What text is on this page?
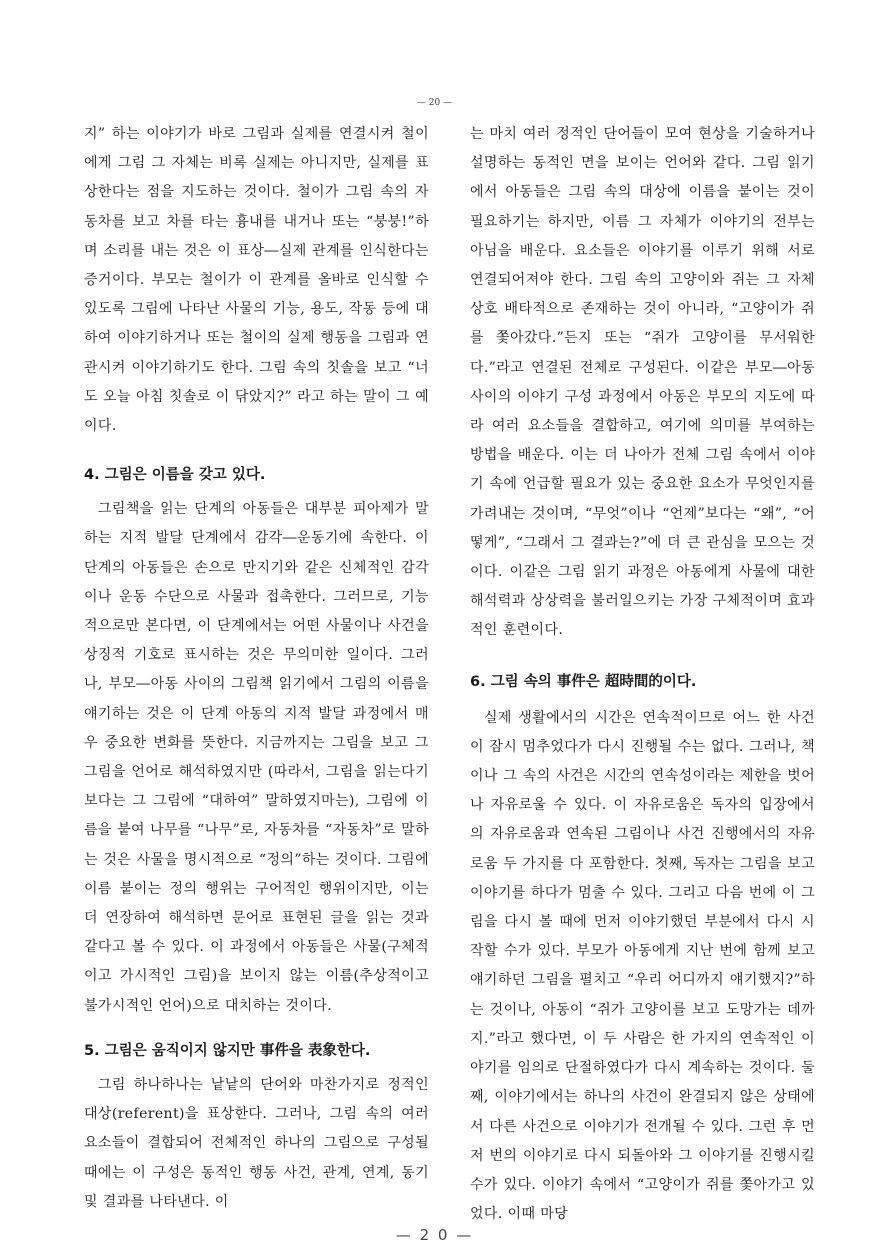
— 20 —

지” 하는 이야기가 바로 그림과 실제를 연결시켜 철이에게 그림 그 자체는 비록 실제는 아니지만, 실제를 표상한다는 점을 지도하는 것이다. 철이가 그림 속의 자동차를 보고 차를 타는 흉내를 내거나 또는 “붕붕!”하며 소리를 내는 것은 이 표상―실제 관계를 인식한다는 증거이다. 부모는 철이가 이 관계를 올바로 인식할 수 있도록 그림에 나타난 사물의 기능, 용도, 작동 등에 대하여 이야기하거나 또는 철이의 실제 행동을 그림과 연관시켜 이야기하기도 한다. 그림 속의 칫솔을 보고 “너도 오늘 아침 칫솔로 이 닦았지?” 라고 하는 말이 그 예이다.

4. 그림은 이름을 갖고 있다.

그림책을 읽는 단계의 아동들은 대부분 피아제가 말하는 지적 발달 단계에서 감각―운동기에 속한다. 이 단계의 아동들은 손으로 만지기와 같은 신체적인 감각이나 운동 수단으로 사물과 접촉한다. 그러므로, 기능적으로만 본다면, 이 단계에서는 어떤 사물이나 사건을 상징적 기호로 표시하는 것은 무의미한 일이다. 그러나, 부모―아동 사이의 그림책 읽기에서 그림의 이름을 얘기하는 것은 이 단계 아동의 지적 발달 과정에서 매우 중요한 변화를 뜻한다. 지금까지는 그림을 보고 그 그림을 언어로 해석하였지만 (따라서, 그림을 읽는다기보다는 그 그림에 “대하여” 말하였지마는), 그림에 이름을 붙여 나무를 “나무”로, 자동차를 “자동차”로 말하는 것은 사물을 명시적으로 “정의”하는 것이다. 그림에 이름 붙이는 정의 행위는 구어적인 행위이지만, 이는 더 연장하여 해석하면 문어로 표현된 글을 읽는 것과 같다고 볼 수 있다. 이 과정에서 아동들은 사물(구체적이고 가시적인 그림)을 보이지 않는 이름(추상적이고 불가시적인 언어)으로 대치하는 것이다.

5. 그림은 움직이지 않지만 事件을 表象한다.

그림 하나하나는 낱낱의 단어와 마찬가지로 정적인 대상(referent)을 표상한다. 그러나, 그림 속의 여러 요소들이 결합되어 전체적인 하나의 그림으로 구성될 때에는 이 구성은 동적인 행동 사건, 관계, 연계, 동기 및 결과를 나타낸다. 이

는 마치 여러 정적인 단어들이 모여 현상을 기술하거나 설명하는 동적인 면을 보이는 언어와 같다. 그림 읽기에서 아동들은 그림 속의 대상에 이름을 붙이는 것이 필요하기는 하지만, 이름 그 자체가 이야기의 전부는 아님을 배운다. 요소들은 이야기를 이루기 위해 서로 연결되어져야 한다. 그림 속의 고양이와 쥐는 그 자체 상호 배타적으로 존재하는 것이 아니라, “고양이가 쥐를 쫓아갔다.”든지 또는 “쥐가 고양이를 무서워한다.”라고 연결된 전체로 구성된다. 이같은 부모―아동 사이의 이야기 구성 과정에서 아동은 부모의 지도에 따라 여러 요소들을 결합하고, 여기에 의미를 부여하는 방법을 배운다. 이는 더 나아가 전체 그림 속에서 이야기 속에 언급할 필요가 있는 중요한 요소가 무엇인지를 가려내는 것이며, “무엇”이나 “언제”보다는 “왜”, “어떻게”, “그래서 그 결과는?”에 더 큰 관심을 모으는 것이다. 이같은 그림 읽기 과정은 아동에게 사물에 대한 해석력과 상상력을 불러일으키는 가장 구체적이며 효과적인 훈련이다.

6. 그림 속의 事件은 超時間的이다.

실제 생활에서의 시간은 연속적이므로 어느 한 사건이 잠시 멈추었다가 다시 진행될 수는 없다. 그러나, 책이나 그 속의 사건은 시간의 연속성이라는 제한을 벗어나 자유로울 수 있다. 이 자유로움은 독자의 입장에서의 자유로움과 연속된 그림이나 사건 진행에서의 자유로움 두 가지를 다 포함한다. 첫째, 독자는 그림을 보고 이야기를 하다가 멈출 수 있다. 그리고 다음 번에 이 그림을 다시 볼 때에 먼저 이야기했던 부분에서 다시 시작할 수가 있다. 부모가 아동에게 지난 번에 함께 보고 얘기하던 그림을 펼치고 “우리 어디까지 얘기했지?”하는 것이나, 아동이 “쥐가 고양이를 보고 도망가는 데까지.”라고 했다면, 이 두 사람은 한 가지의 연속적인 이야기를 임의로 단절하였다가 다시 계속하는 것이다. 둘째, 이야기에서는 하나의 사건이 완결되지 않은 상태에서 다른 사건으로 이야기가 전개될 수 있다. 그런 후 먼저 번의 이야기로 다시 되돌아와 그 이야기를 진행시킬 수가 있다. 이야기 속에서 “고양이가 쥐를 쫓아가고 있었다. 이때 마당

— 2 0 —
